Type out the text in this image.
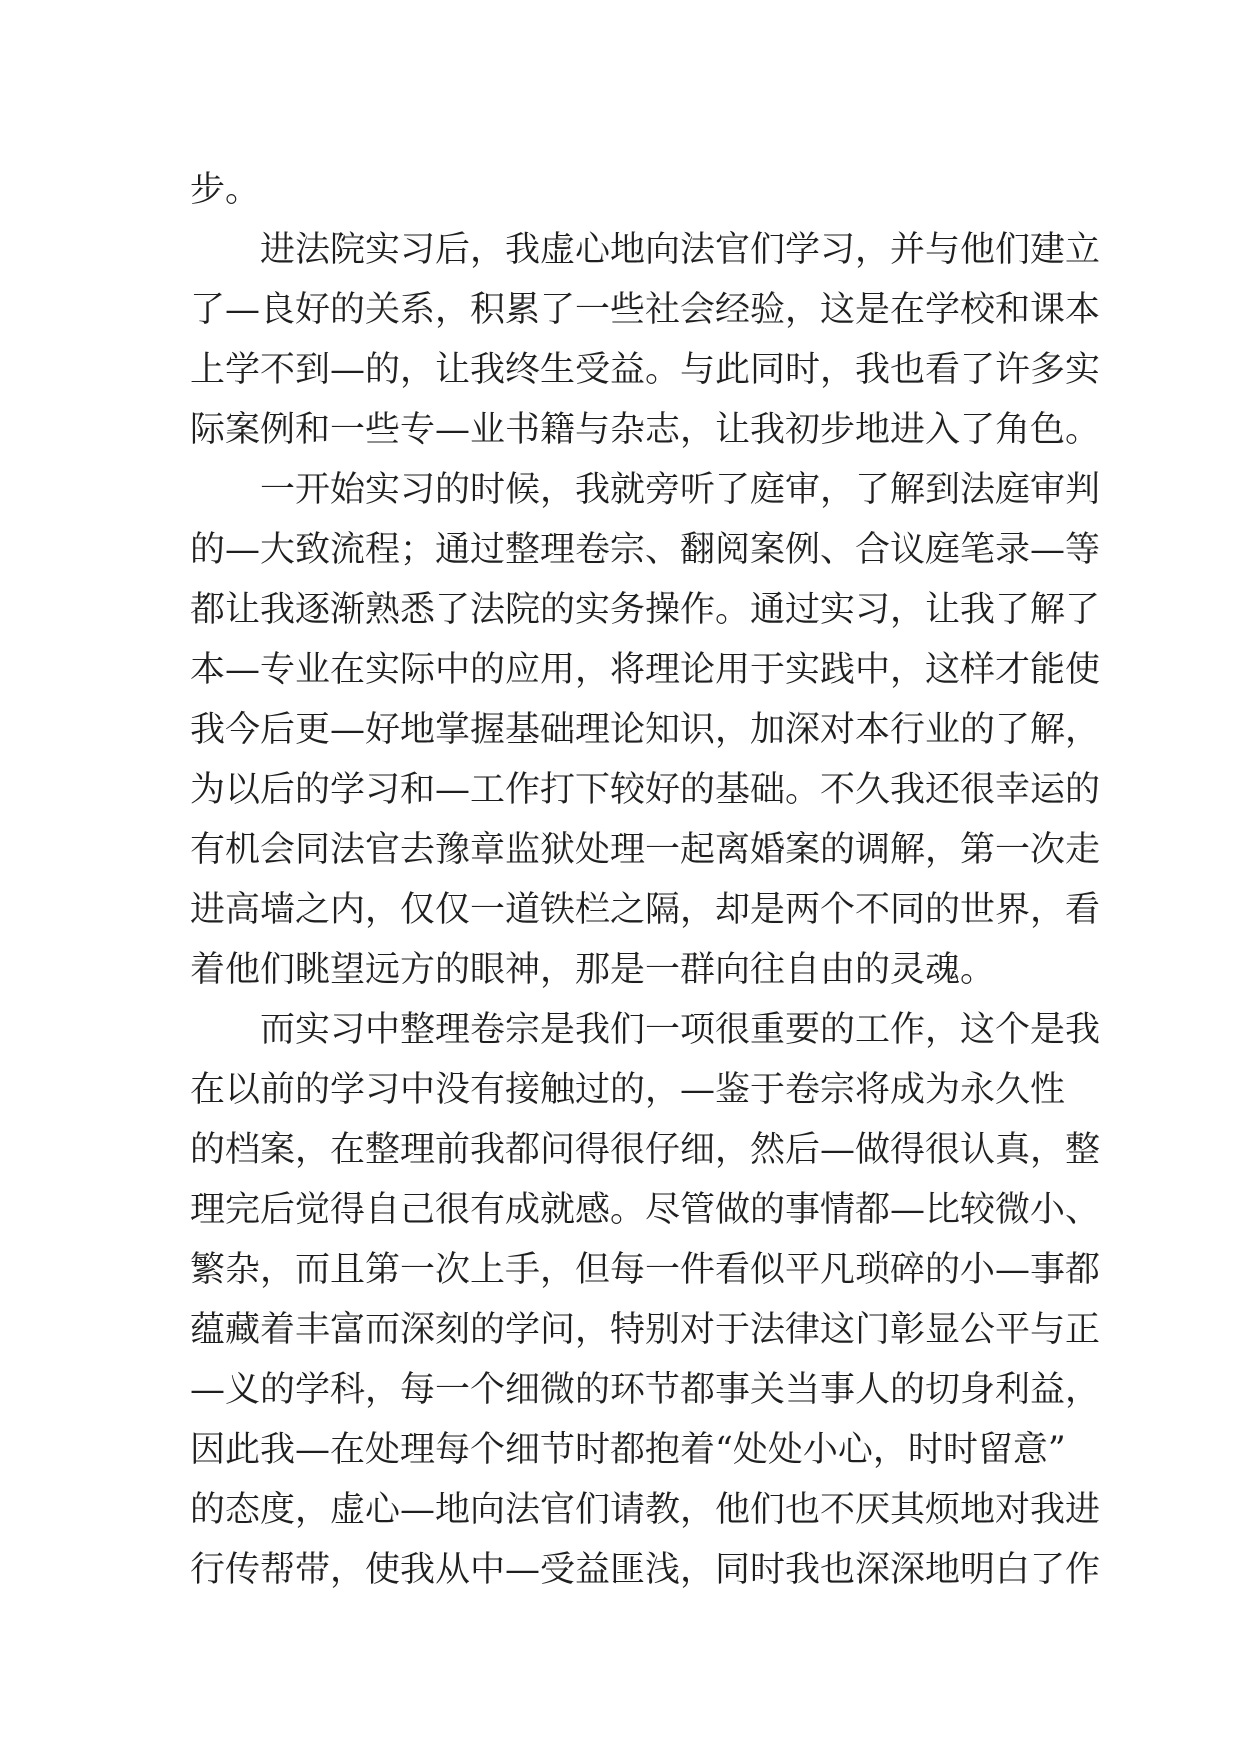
步。
进法院实习后，我虚心地向法官们学习，并与他们建立
了—良好的关系，积累了一些社会经验，这是在学校和课本
上学不到—的，让我终生受益。与此同时，我也看了许多实
际案例和一些专—业书籍与杂志，让我初步地进入了角色。
一开始实习的时候，我就旁听了庭审，了解到法庭审判
的—大致流程；通过整理卷宗、翻阅案例、合议庭笔录—等
都让我逐渐熟悉了法院的实务操作。通过实习，让我了解了
本—专业在实际中的应用，将理论用于实践中，这样才能使
我今后更—好地掌握基础理论知识，加深对本行业的了解，
为以后的学习和—工作打下较好的基础。不久我还很幸运的
有机会同法官去豫章监狱处理一起离婚案的调解，第一次走
进高墙之内，仅仅一道铁栏之隔，却是两个不同的世界，看
着他们眺望远方的眼神，那是一群向往自由的灵魂。
而实习中整理卷宗是我们一项很重要的工作，这个是我
在以前的学习中没有接触过的，—鉴于卷宗将成为永久性
的档案，在整理前我都问得很仔细，然后—做得很认真，整
理完后觉得自己很有成就感。尽管做的事情都—比较微小、
繁杂，而且第一次上手，但每一件看似平凡琐碎的小—事都
蕴藏着丰富而深刻的学问，特别对于法律这门彰显公平与正
—义的学科，每一个细微的环节都事关当事人的切身利益，
因此我—在处理每个细节时都抱着“处处小心，时时留意”
的态度，虚心—地向法官们请教，他们也不厌其烦地对我进
行传帮带，使我从中—受益匪浅，同时我也深深地明白了作
